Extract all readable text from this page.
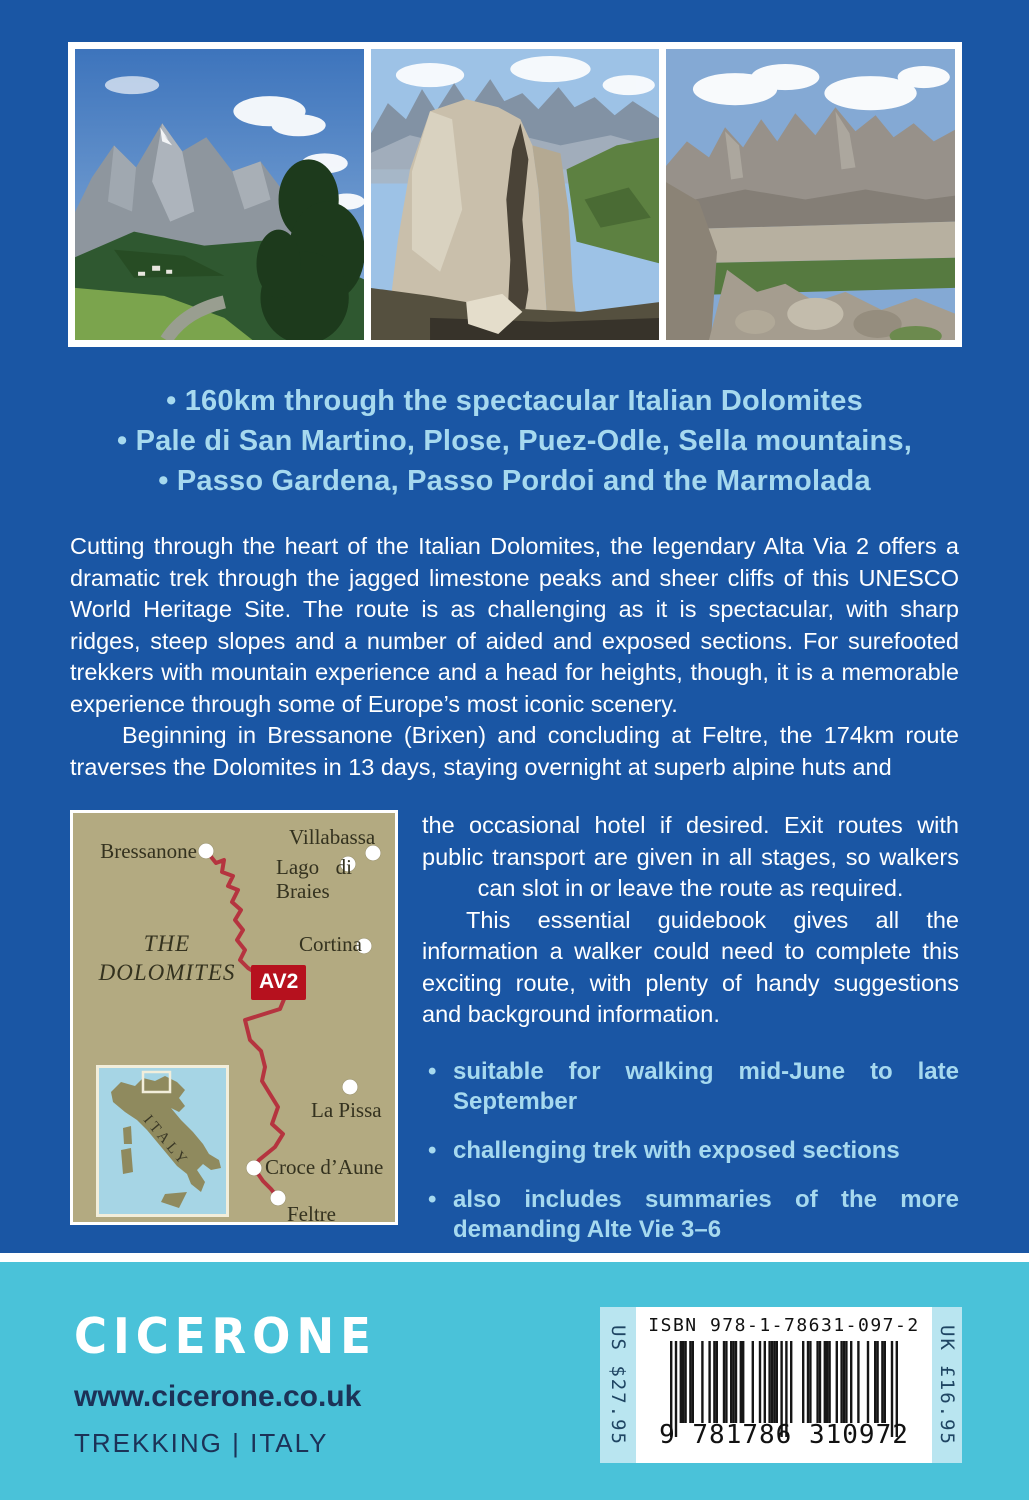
• 160km through the spectacular Italian Dolomites
• Pale di San Martino, Plose, Puez-Odle, Sella mountains,
• Passo Gardena, Passo Pordoi and the Marmolada

Cutting through the heart of the Italian Dolomites, the legendary Alta Via 2 offers a dramatic trek through the jagged limestone peaks and sheer cliffs of this UNESCO World Heritage Site. The route is as challenging as it is spectacular, with sharp ridges, steep slopes and a number of aided and exposed sections. For surefooted trekkers with mountain experience and a head for heights, though, it is a memorable experience through some of Europe’s most iconic scenery.

Beginning in Bressanone (Brixen) and concluding at Feltre, the 174km route traverses the Dolomites in 13 days, staying overnight at superb alpine huts and

Bressanone
Villabassa
Lago di Braies
Cortina
La Pissa
Croce d’Aune
Feltre
THE DOLOMITES	AV2
ITALY

the occasional hotel if desired. Exit routes with public transport are given in all stages, so walkers can slot in or leave the route as required.

This essential guidebook gives all the information a walker could need to complete this exciting route, with plenty of handy suggestions and background information.

• suitable for walking mid-June to late September
• challenging trek with exposed sections
• also includes summaries of the more demanding Alte Vie 3–6
CICERONE
www.cicerone.co.uk
TREKKING | ITALY	US $27.95	ISBN 978-1-78631-097-2
9 781786 310972	UK £16.95
